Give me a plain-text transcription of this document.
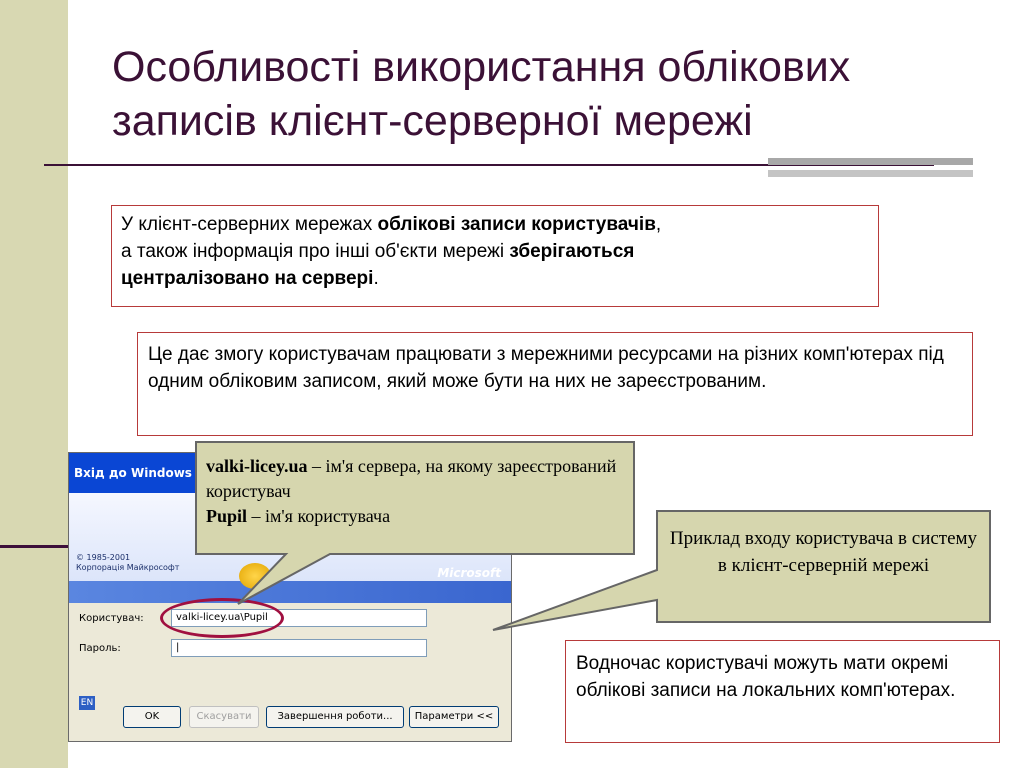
Особливості використання облікових записів клієнт-серверної мережі
У клієнт-серверних мережах облікові записи користувачів,
а також інформація про інші об'єкти мережі зберігаються
централізовано на сервері.
Це дає змогу користувачам працювати з мережними ресурсами на різних комп'ютерах під одним обліковим записом, який може бути на них не зареєстрованим.
Вхід до Windows
© 1985-2001
Корпорація Майкрософт	Microsoft
Користувач:	valki-licey.ua\Pupil
Пароль:	|
EN
OK	Скасувати	Завершення роботи...	Параметри <<
valki-licey.ua – ім'я сервера, на якому зареєстрований користувач
Pupil – ім'я користувача
Приклад входу користувача в систему в клієнт-серверній мережі
Водночас користувачі можуть мати окремі облікові записи на локальних комп'ютерах.
